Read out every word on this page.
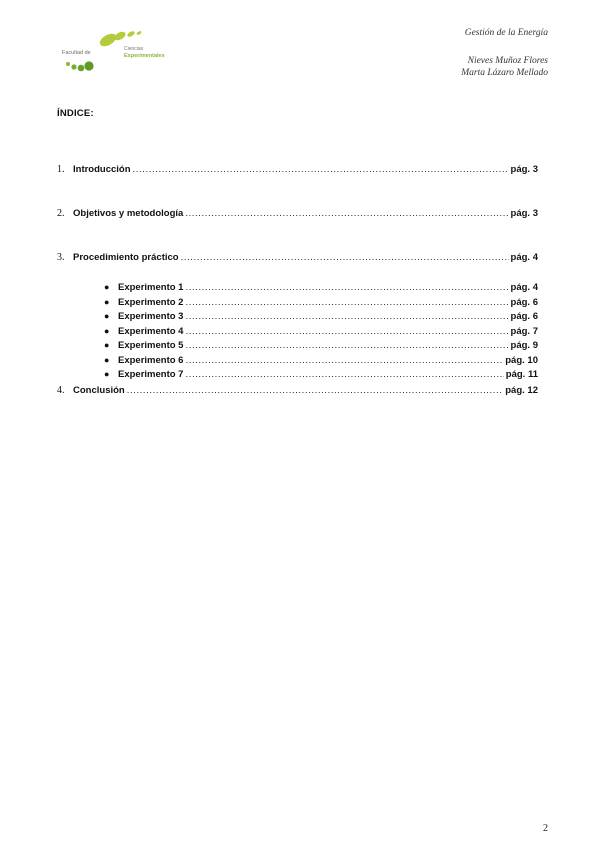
Facultad de
Ciencias
Experimentales
Gestión de la Energía
Nieves Muñoz Flores
Marta Lázaro Mellado
ÍNDICE:
1. Introducción .....	pág. 3
2. Objetivos y metodología .....	pág. 3
3. Procedimiento práctico .....	pág. 4
● Experimento 1 .....	pág. 4
● Experimento 2 .....	pág. 6
● Experimento 3 .....	pág. 6
● Experimento 4 .....	pág. 7
● Experimento 5 .....	pág. 9
● Experimento 6 .....	pág. 10
● Experimento 7 .....	pág. 11
4. Conclusión .....	pág. 12
2
